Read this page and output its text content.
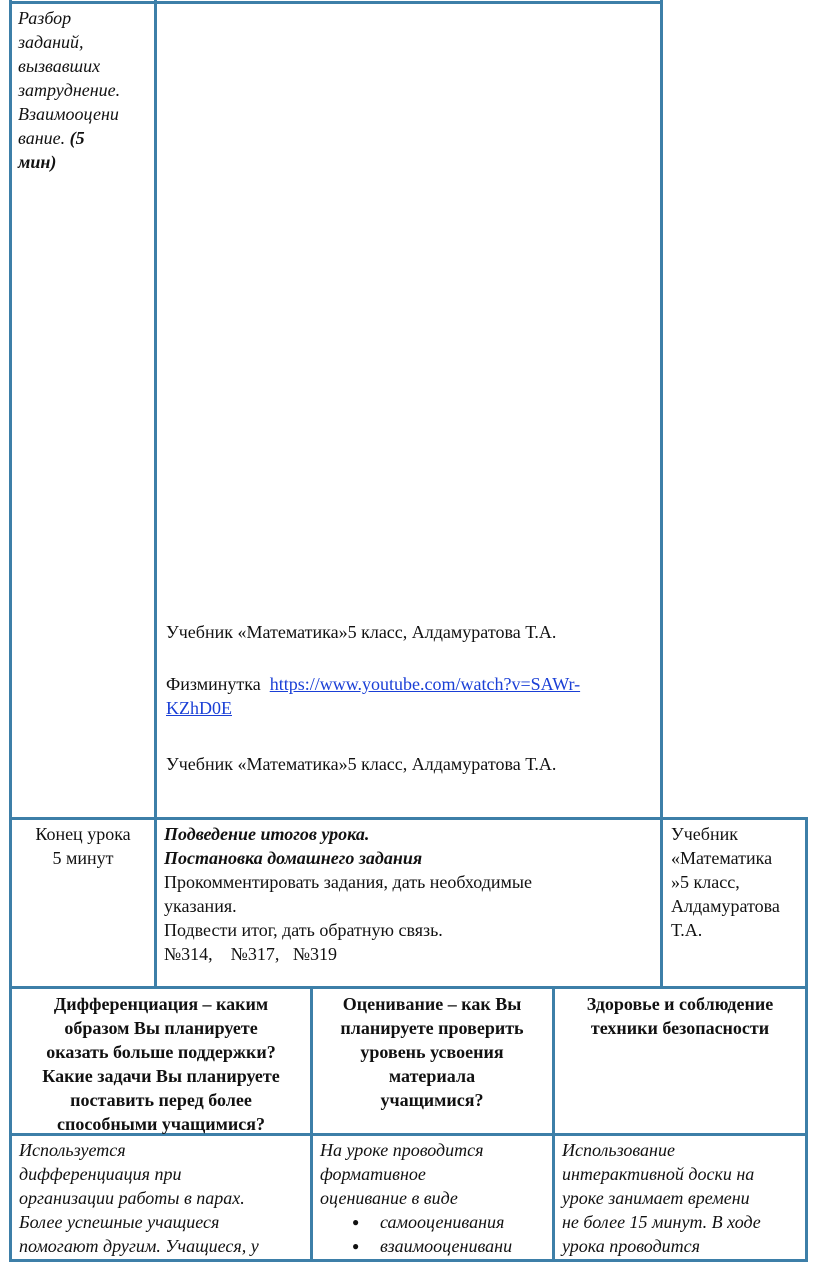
Разбор
заданий,
вызвавших
затруднение.
Взаимооцени
вание. (5
мин)
Учебник «Математика»5 класс, Алдамуратова Т.А.
Физминутка https://www.youtube.com/watch?v=SAWr-
KZhD0E
Учебник «Математика»5 класс, Алдамуратова Т.А.
Конец урока
5 минут
Подведение итогов урока.
Постановка домашнего задания
Прокомментировать задания, дать необходимые
указания.
Подвести итог, дать обратную связь.
№314,    №317,   №319
Учебник
«Математика
»5 класс,
Алдамуратова
Т.А.
Дифференциация – каким
образом Вы планируете
оказать больше поддержки?
Какие задачи Вы планируете
поставить перед более
способными учащимися?
Оценивание – как Вы
планируете проверить
уровень усвоения
материала
учащимися?
Здоровье и соблюдение
техники безопасности
Используется
дифференциация при
организации работы в парах.
Более успешные учащиеся
помогают другим. Учащиеся, у
На уроке проводится
формативное
оценивание в виде
● самооценивания
● взаимооценивани
Использование
интерактивной доски на
уроке занимает времени
не более 15 минут. В ходе
урока проводится
